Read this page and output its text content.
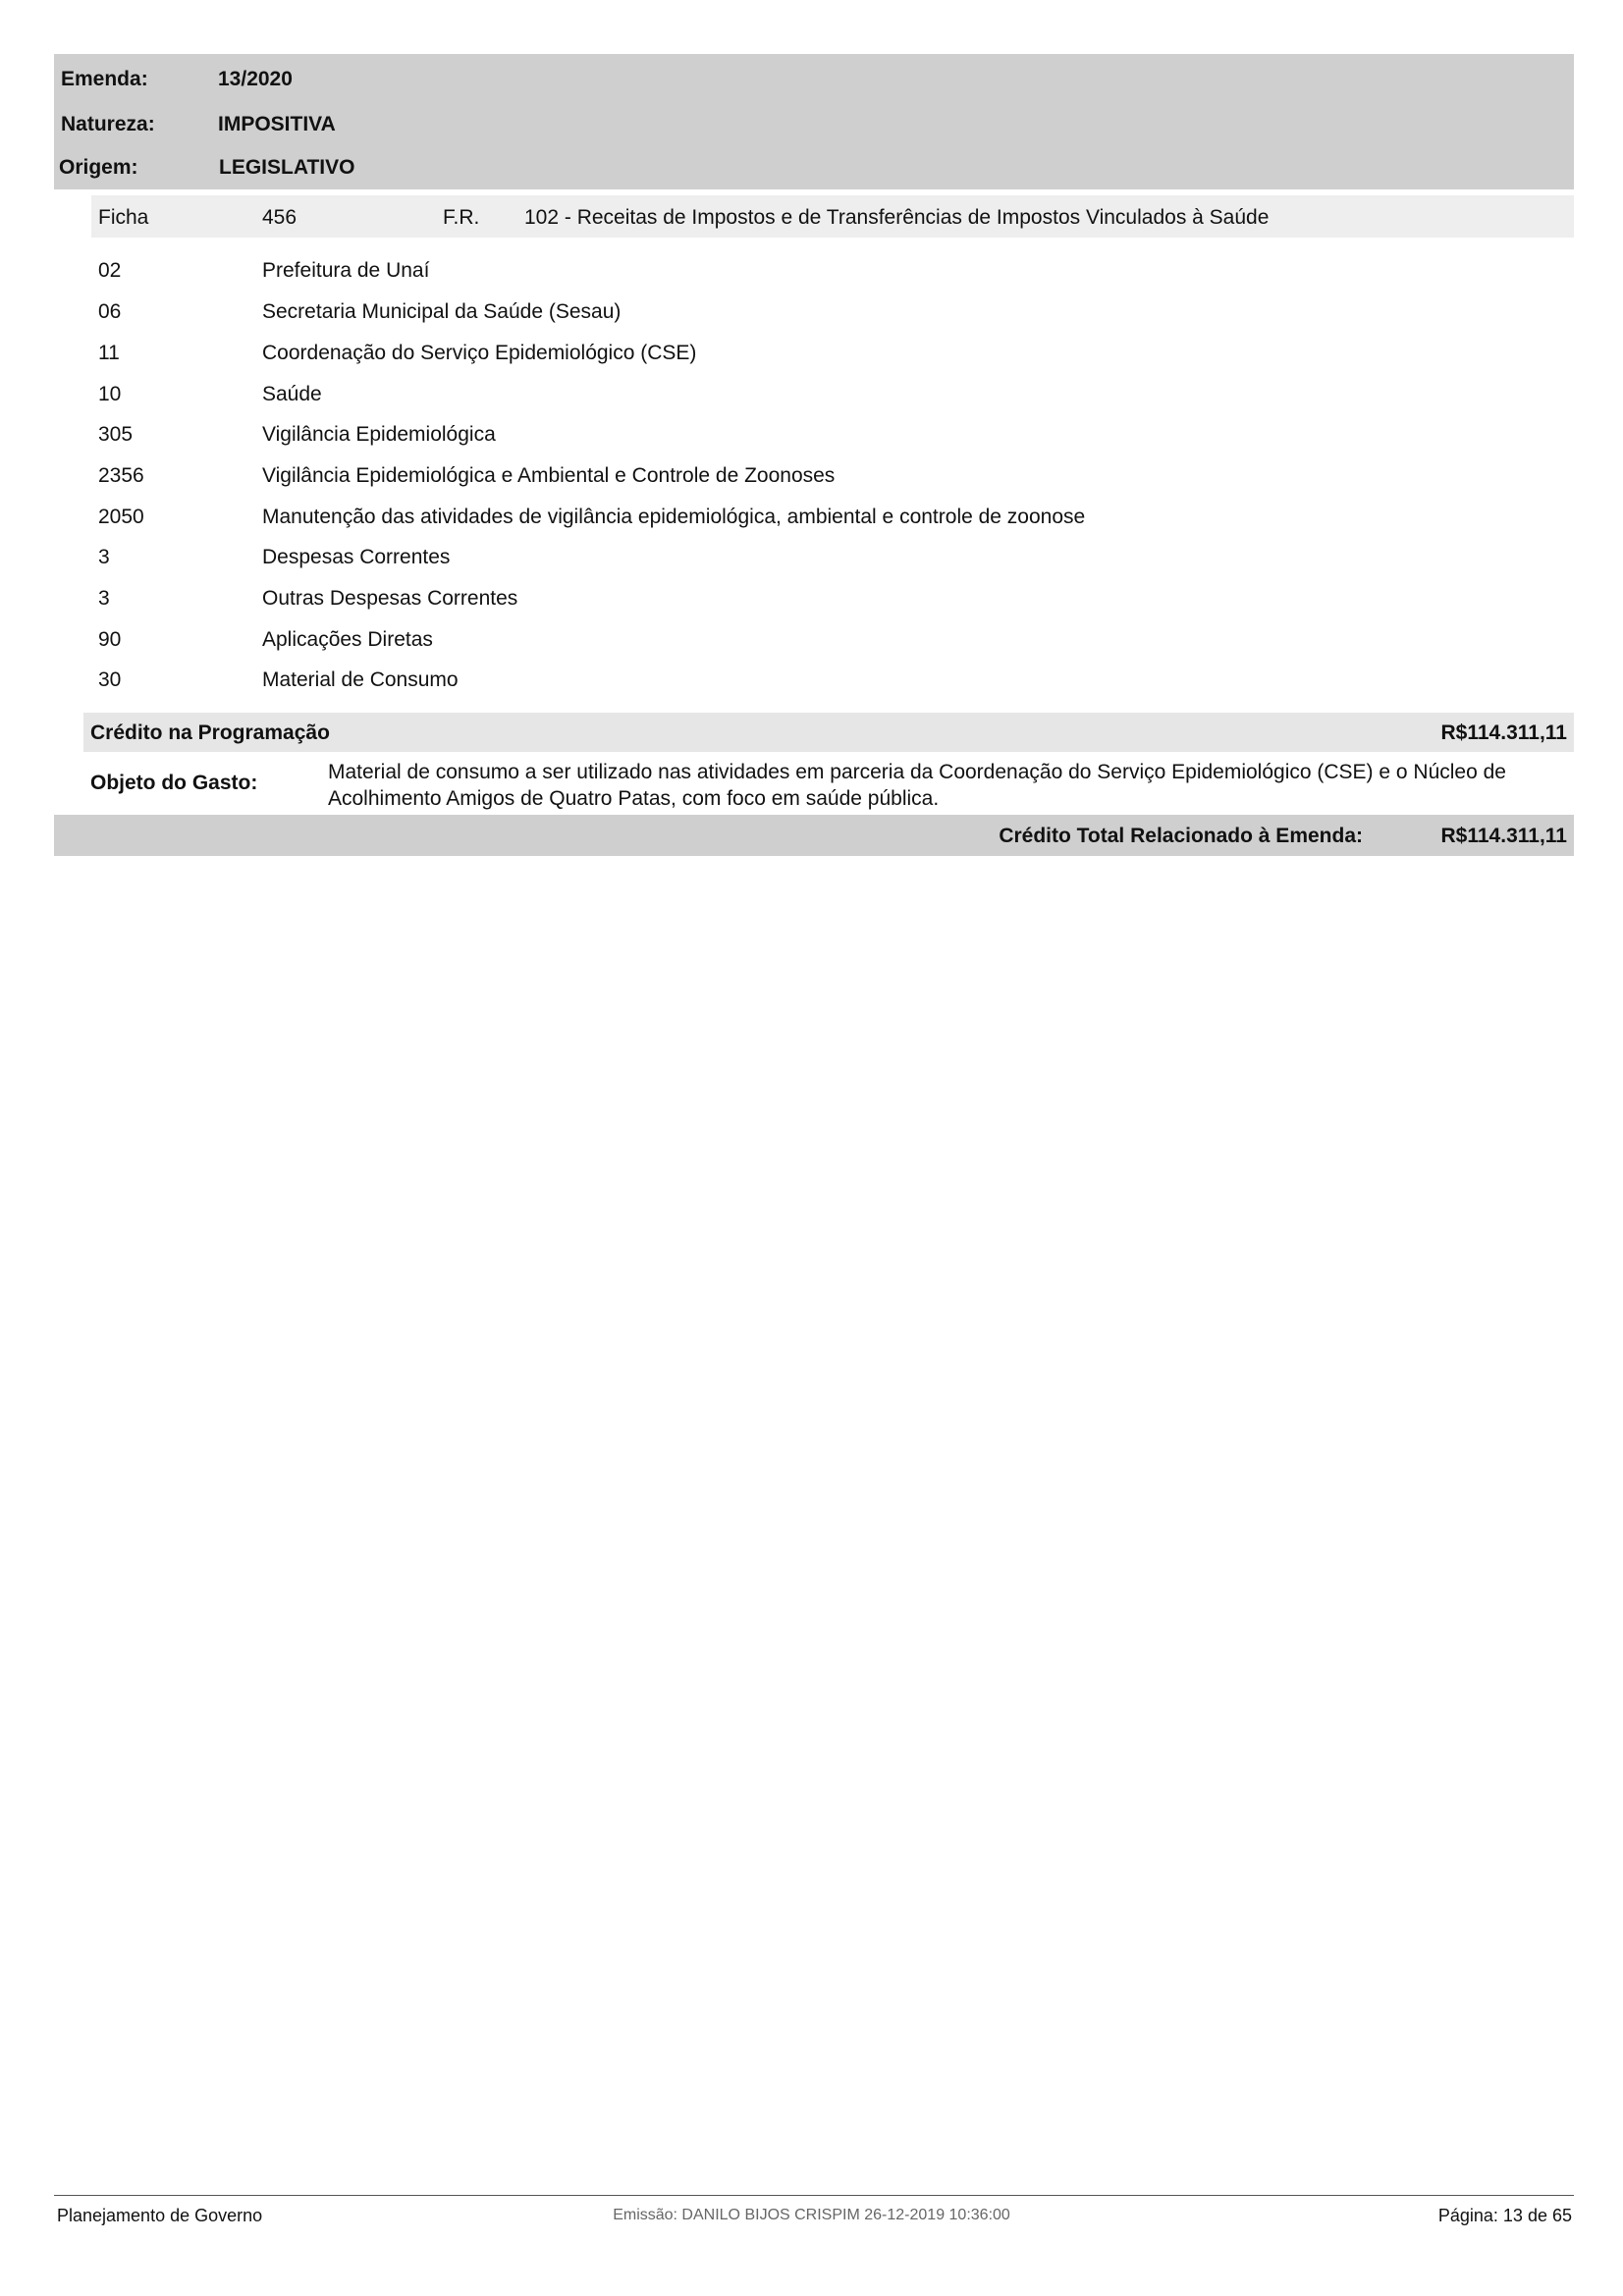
Emenda:	13/2020
Natureza:	IMPOSITIVA
Origem:	LEGISLATIVO
Ficha	456	F.R. 102 - Receitas de Impostos e de Transferências de Impostos Vinculados à Saúde
02	Prefeitura de Unaí
06	Secretaria Municipal da Saúde (Sesau)
11	Coordenação do Serviço Epidemiológico (CSE)
10	Saúde
305	Vigilância Epidemiológica
2356	Vigilância Epidemiológica e Ambiental e Controle de Zoonoses
2050	Manutenção das atividades de vigilância epidemiológica, ambiental e controle de zoonose
3	Despesas Correntes
3	Outras Despesas Correntes
90	Aplicações Diretas
30	Material de Consumo
Crédito na Programação	R$114.311,11
Objeto do Gasto:	Material de consumo a ser utilizado nas atividades em parceria da Coordenação do Serviço Epidemiológico (CSE) e o Núcleo de Acolhimento Amigos de Quatro Patas, com foco em saúde pública.
Crédito Total Relacionado à Emenda:	R$114.311,11
Planejamento de Governo	Emissão: DANILO BIJOS CRISPIM 26-12-2019 10:36:00	Página: 13 de 65
